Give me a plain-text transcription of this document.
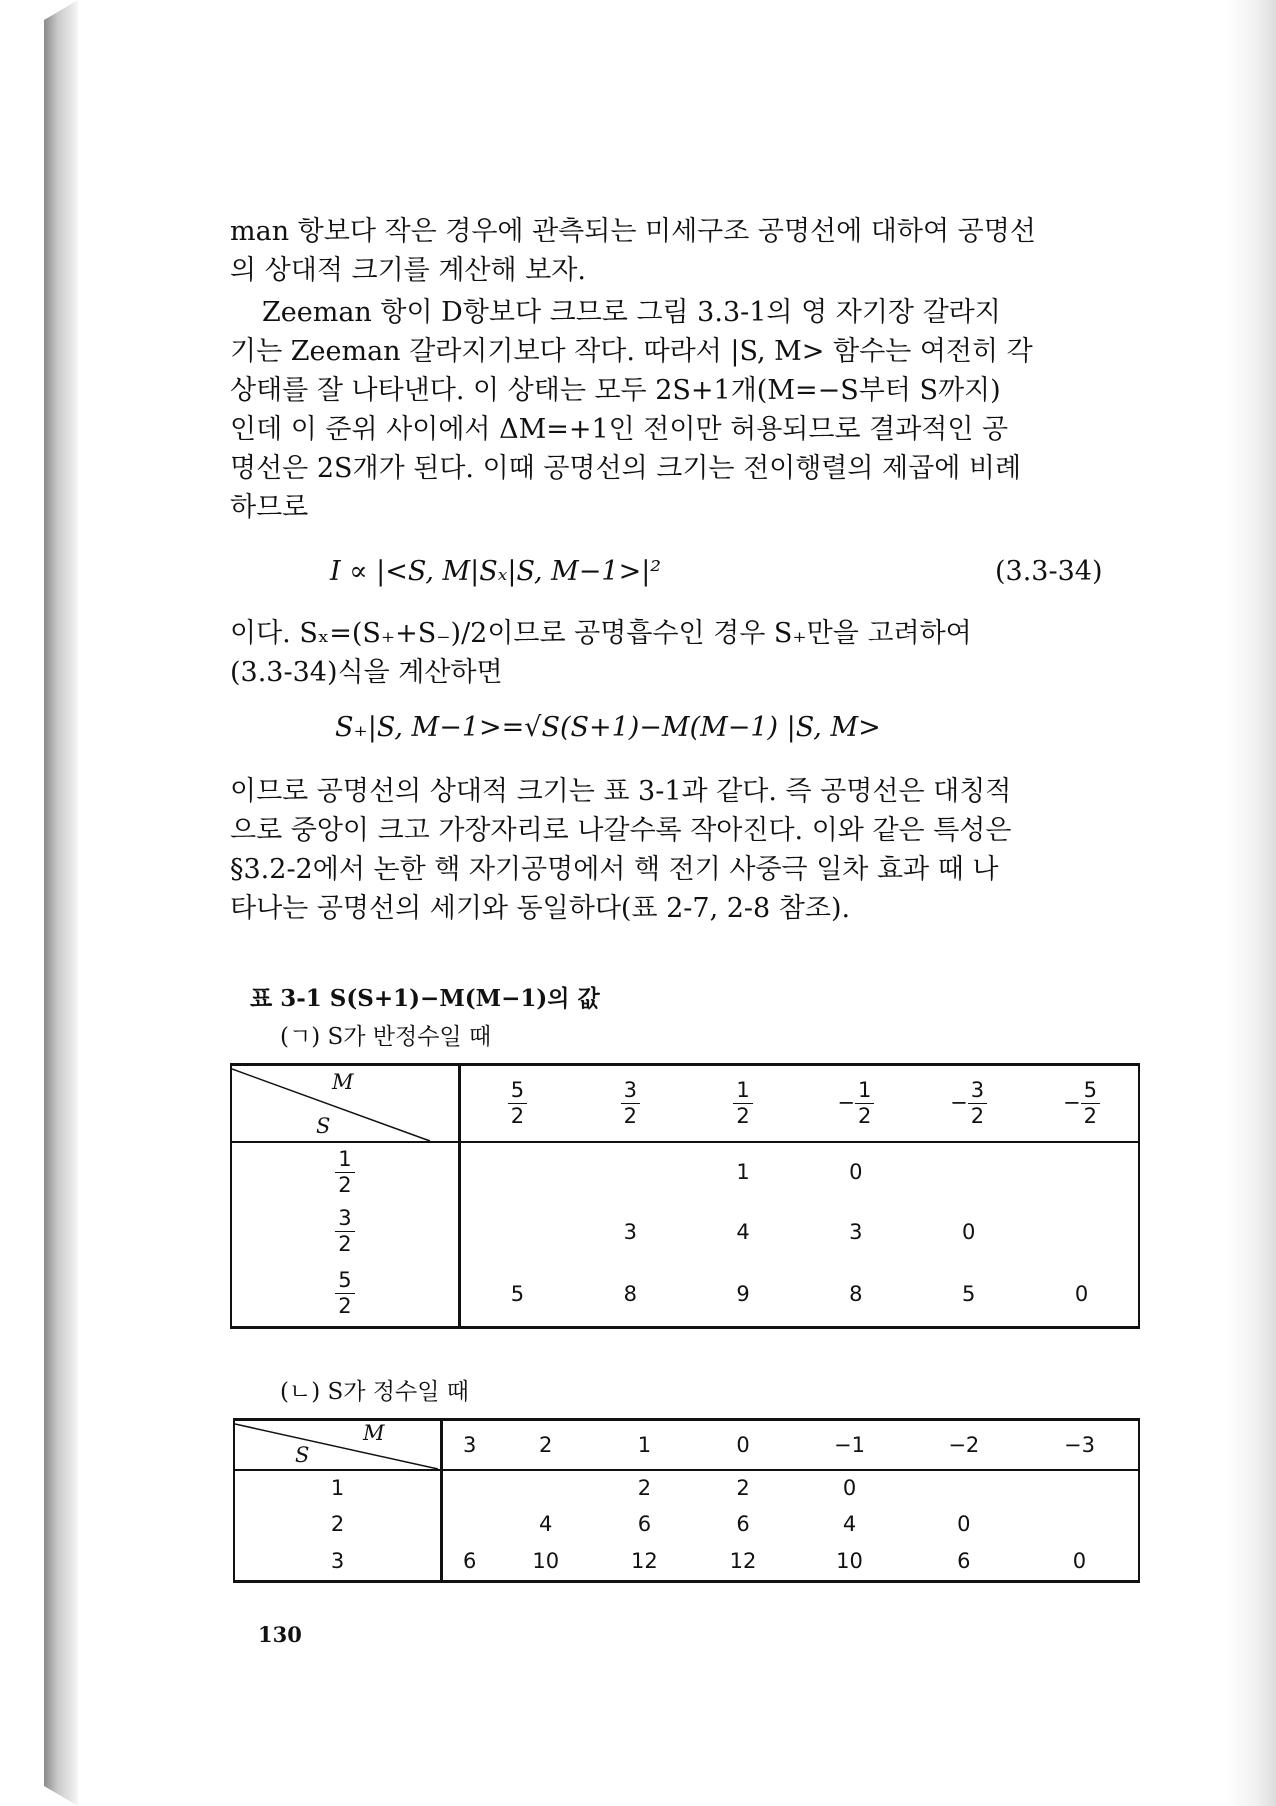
man 항보다 작은 경우에 관측되는 미세구조 공명선에 대하여 공명선
의 상대적 크기를 계산해 보자.
Zeeman 항이 D항보다 크므로 그림 3.3-1의 영 자기장 갈라지
기는 Zeeman 갈라지기보다 작다. 따라서 |S, M> 함수는 여전히 각
상태를 잘 나타낸다. 이 상태는 모두 2S+1개(M=−S부터 S까지)
인데 이 준위 사이에서 ΔM=+1인 전이만 허용되므로 결과적인 공
명선은 2S개가 된다. 이때 공명선의 크기는 전이행렬의 제곱에 비례
하므로
I ∝ |<S, M|Sₓ|S, M−1>|²	(3.3-34)
이다. Sₓ=(S₊+S₋)/2이므로 공명흡수인 경우 S₊만을 고려하여
(3.3-34)식을 계산하면
S₊|S, M−1>=√S(S+1)−M(M−1) |S, M>
이므로 공명선의 상대적 크기는 표 3-1과 같다. 즉 공명선은 대칭적
으로 중앙이 크고 가장자리로 나갈수록 작아진다. 이와 같은 특성은
§3.2-2에서 논한 핵 자기공명에서 핵 전기 사중극 일차 효과 때 나
타나는 공명선의 세기와 동일하다(표 2-7, 2-8 참조).
표 3-1 S(S+1)−M(M−1)의 값
(ㄱ) S가 반정수일 때
M
S	$\frac{5}{2}$	$\frac{3}{2}$	$\frac{1}{2}$	− $\frac{1}{2}$	− $\frac{3}{2}$	− $\frac{5}{2}$

$\frac{1}{2}$			1	0		

$\frac{3}{2}$		3	4	3	0	

$\frac{5}{2}$	5	8	9	8	5	0
(ㄴ) S가 정수일 때
M
S	3	2	1	0	−1	−2	−3
1			2	2	0		
2		4	6	6	4	0	
3	6	10	12	12	10	6	0
130
